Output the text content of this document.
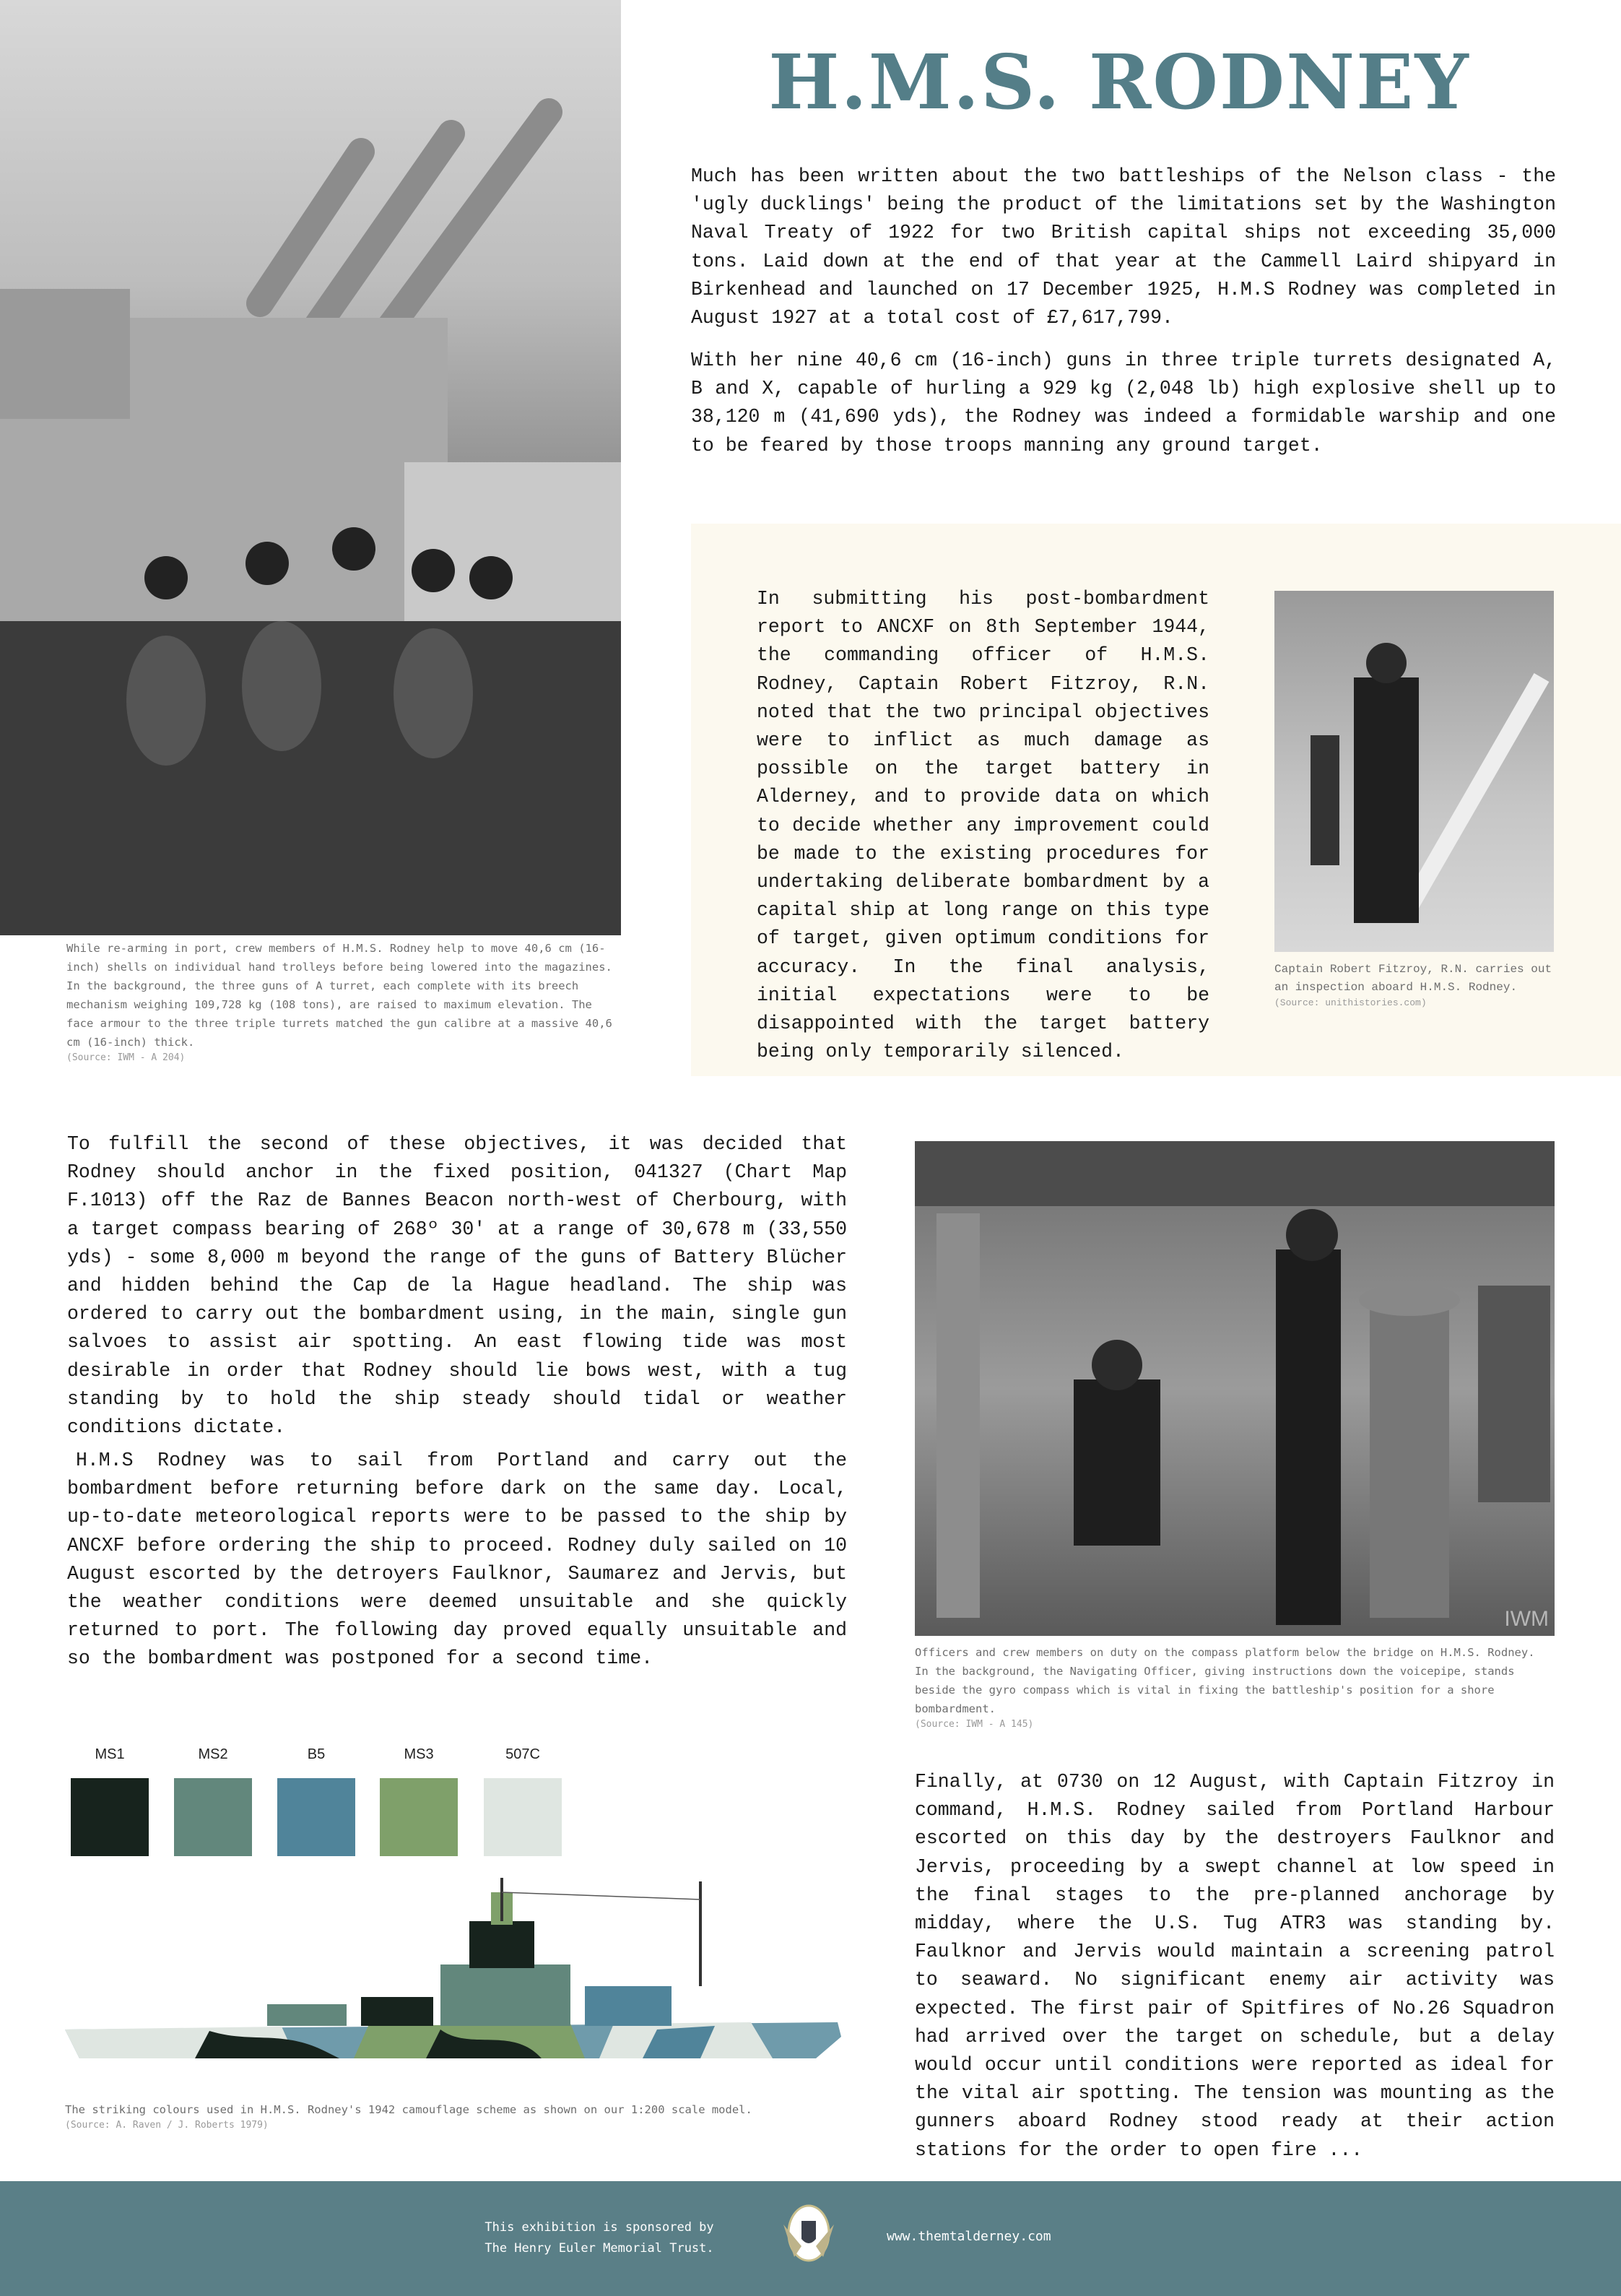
H.M.S. RODNEY
While re-arming in port, crew members of H.M.S. Rodney help to move 40,6 cm (16-inch) shells on individual hand trolleys before being lowered into the magazines. In the background, the three guns of A turret, each complete with its breech mechanism weighing 109,728 kg (108 tons), are raised to maximum elevation. The face armour to the three triple turrets matched the gun calibre at a massive 40,6 cm (16-inch) thick.
(Source: IWM - A 204)

Much has been written about the two battleships of the Nelson class - the 'ugly ducklings' being the product of the limitations set by the Washington Naval Treaty of 1922 for two British capital ships not exceeding 35,000 tons. Laid down at the end of that year at the Cammell Laird shipyard in Birkenhead and launched on 17 December 1925, H.M.S Rodney was completed in August 1927 at a total cost of £7,617,799.

With her nine 40,6 cm (16-inch) guns in three triple turrets designated A, B and X, capable of hurling a 929 kg (2,048 lb) high explosive shell up to 38,120 m (41,690 yds), the Rodney was indeed a formidable warship and one to be feared by those troops manning any ground target.

In submitting his post-bombardment report to ANCXF on 8th September 1944, the commanding officer of H.M.S. Rodney, Captain Robert Fitzroy, R.N. noted that the two principal objectives were to inflict as much damage as possible on the target battery in Alderney, and to provide data on which to decide whether any improvement could be made to the existing procedures for undertaking deliberate bombardment by a capital ship at long range on this type of target, given optimum conditions for accuracy. In the final analysis, initial expectations were to be disappointed with the target battery being only temporarily silenced.

Captain Robert Fitzroy, R.N. carries out an inspection aboard H.M.S. Rodney.
(Source: unithistories.com)

To fulfill the second of these objectives, it was decided that Rodney should anchor in the fixed position, 041327 (Chart Map F.1013) off the Raz de Bannes Beacon north-west of Cherbourg, with a target compass bearing of 268º 30' at a range of 30,678 m (33,550 yds) - some 8,000 m beyond the range of the guns of Battery Blücher and hidden behind the Cap de la Hague headland. The ship was ordered to carry out the bombardment using, in the main, single gun salvoes to assist air spotting. An east flowing tide was most desirable in order that Rodney should lie bows west, with a tug standing by to hold the ship steady should tidal or weather conditions dictate.

H.M.S Rodney was to sail from Portland and carry out the bombardment before returning before dark on the same day. Local, up-to-date meteorological reports were to be passed to the ship by ANCXF before ordering the ship to proceed. Rodney duly sailed on 10 August escorted by the detroyers Faulknor, Saumarez and Jervis, but the weather conditions were deemed unsuitable and she quickly returned to port. The following day proved equally unsuitable and so the bombardment was postponed for a second time.

IWM
Officers and crew members on duty on the compass platform below the bridge on H.M.S. Rodney. In the background, the Navigating Officer, giving instructions down the voicepipe, stands beside the gyro compass which is vital in fixing the battleship's position for a shore bombardment.
(Source: IWM - A 145)
MS1	MS2	B5	MS3	507C
The striking colours used in H.M.S. Rodney's 1942 camouflage scheme as shown on our 1:200 scale model.
(Source: A. Raven / J. Roberts 1979)

Finally, at 0730 on 12 August, with Captain Fitzroy in command, H.M.S. Rodney sailed from Portland Harbour escorted on this day by the destroyers Faulknor and Jervis, proceeding by a swept channel at low speed in the final stages to the pre-planned anchorage by midday, where the U.S. Tug ATR3 was standing by. Faulknor and Jervis would maintain a screening patrol to seaward. No significant enemy air activity was expected. The first pair of Spitfires of No.26 Squadron had arrived over the target on schedule, but a delay would occur until conditions were reported as ideal for the vital air spotting. The tension was mounting as the gunners aboard Rodney stood ready at their action stations for the order to open fire ...

This exhibition is sponsored by
The Henry Euler Memorial Trust.
www.themtalderney.com
